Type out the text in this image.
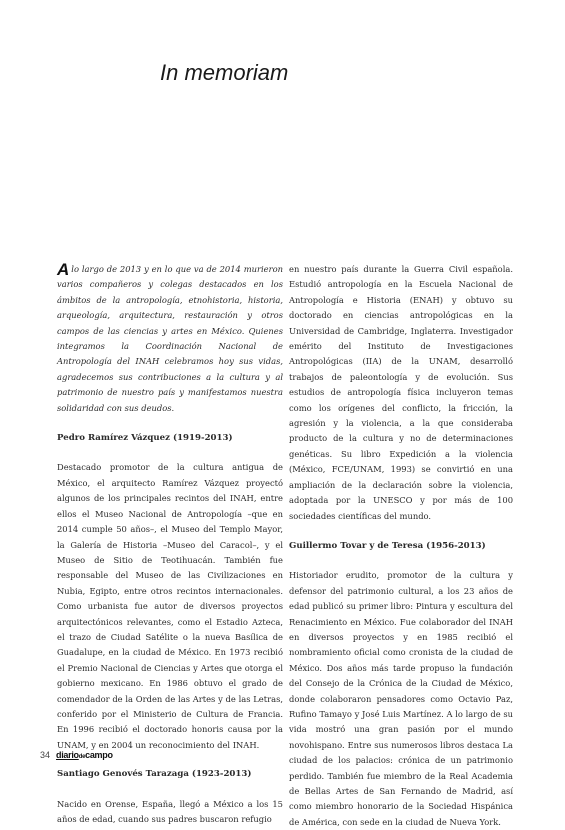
In memoriam

Alo largo de 2013 y en lo que va de 2014 murieron varios compañeros y colegas destacados en los ámbitos de la antropología, etnohistoria, historia, arqueología, arquitectura, restauración y otros campos de las ciencias y artes en México. Quienes integramos la Coordinación Nacional de Antropología del INAH celebramos hoy sus vidas, agradecemos sus contribuciones a la cultura y al patrimonio de nuestro país y manifestamos nuestra solidaridad con sus deudos.

Pedro Ramírez Vázquez (1919-2013)

Destacado promotor de la cultura antigua de México, el arquitecto Ramírez Vázquez proyectó algunos de los principales recintos del INAH, entre ellos el Museo Nacional de Antropología –que en 2014 cumple 50 años–, el Museo del Templo Mayor, la Galería de Historia –Museo del Caracol–, y el Museo de Sitio de Teotihuacán. También fue responsable del Museo de las Civilizaciones en Nubia, Egipto, entre otros recintos internacionales. Como urbanista fue autor de diversos proyectos arquitectónicos relevantes, como el Estadio Azteca, el trazo de Ciudad Satélite o la nueva Basílica de Guadalupe, en la ciudad de México. En 1973 recibió el Premio Nacional de Ciencias y Artes que otorga el gobierno mexicano. En 1986 obtuvo el grado de comendador de la Orden de las Artes y de las Letras, conferido por el Ministerio de Cultura de Francia. En 1996 recibió el doctorado honoris causa por la UNAM, y en 2004 un reconocimiento del INAH.

Santiago Genovés Tarazaga (1923-2013)

Nacido en Orense, España, llegó a México a los 15 años de edad, cuando sus padres buscaron refugio

en nuestro país durante la Guerra Civil española. Estudió antropología en la Escuela Nacional de Antropología e Historia (ENAH) y obtuvo su doctorado en ciencias antropológicas en la Universidad de Cambridge, Inglaterra. Investigador emérito del Instituto de Investigaciones Antropológicas (IIA) de la UNAM, desarrolló trabajos de paleontología y de evolución. Sus estudios de antropología física incluyeron temas como los orígenes del conflicto, la fricción, la agresión y la violencia, a la que consideraba producto de la cultura y no de determinaciones genéticas. Su libro Expedición a la violencia (México, FCE/UNAM, 1993) se convirtió en una ampliación de la declaración sobre la violencia, adoptada por la UNESCO y por más de 100 sociedades científicas del mundo.

Guillermo Tovar y de Teresa (1956-2013)

Historiador erudito, promotor de la cultura y defensor del patrimonio cultural, a los 23 años de edad publicó su primer libro: Pintura y escultura del Renacimiento en México. Fue colaborador del INAH en diversos proyectos y en 1985 recibió el nombramiento oficial como cronista de la ciudad de México. Dos años más tarde propuso la fundación del Consejo de la Crónica de la Ciudad de México, donde colaboraron pensadores como Octavio Paz, Rufino Tamayo y José Luis Martínez. A lo largo de su vida mostró una gran pasión por el mundo novohispano. Entre sus numerosos libros destaca La ciudad de los palacios: crónica de un patrimonio perdido. También fue miembro de la Real Academia de Bellas Artes de San Fernando de Madrid, así como miembro honorario de la Sociedad Hispánica de América, con sede en la ciudad de Nueva York.

34 diariodecampo
